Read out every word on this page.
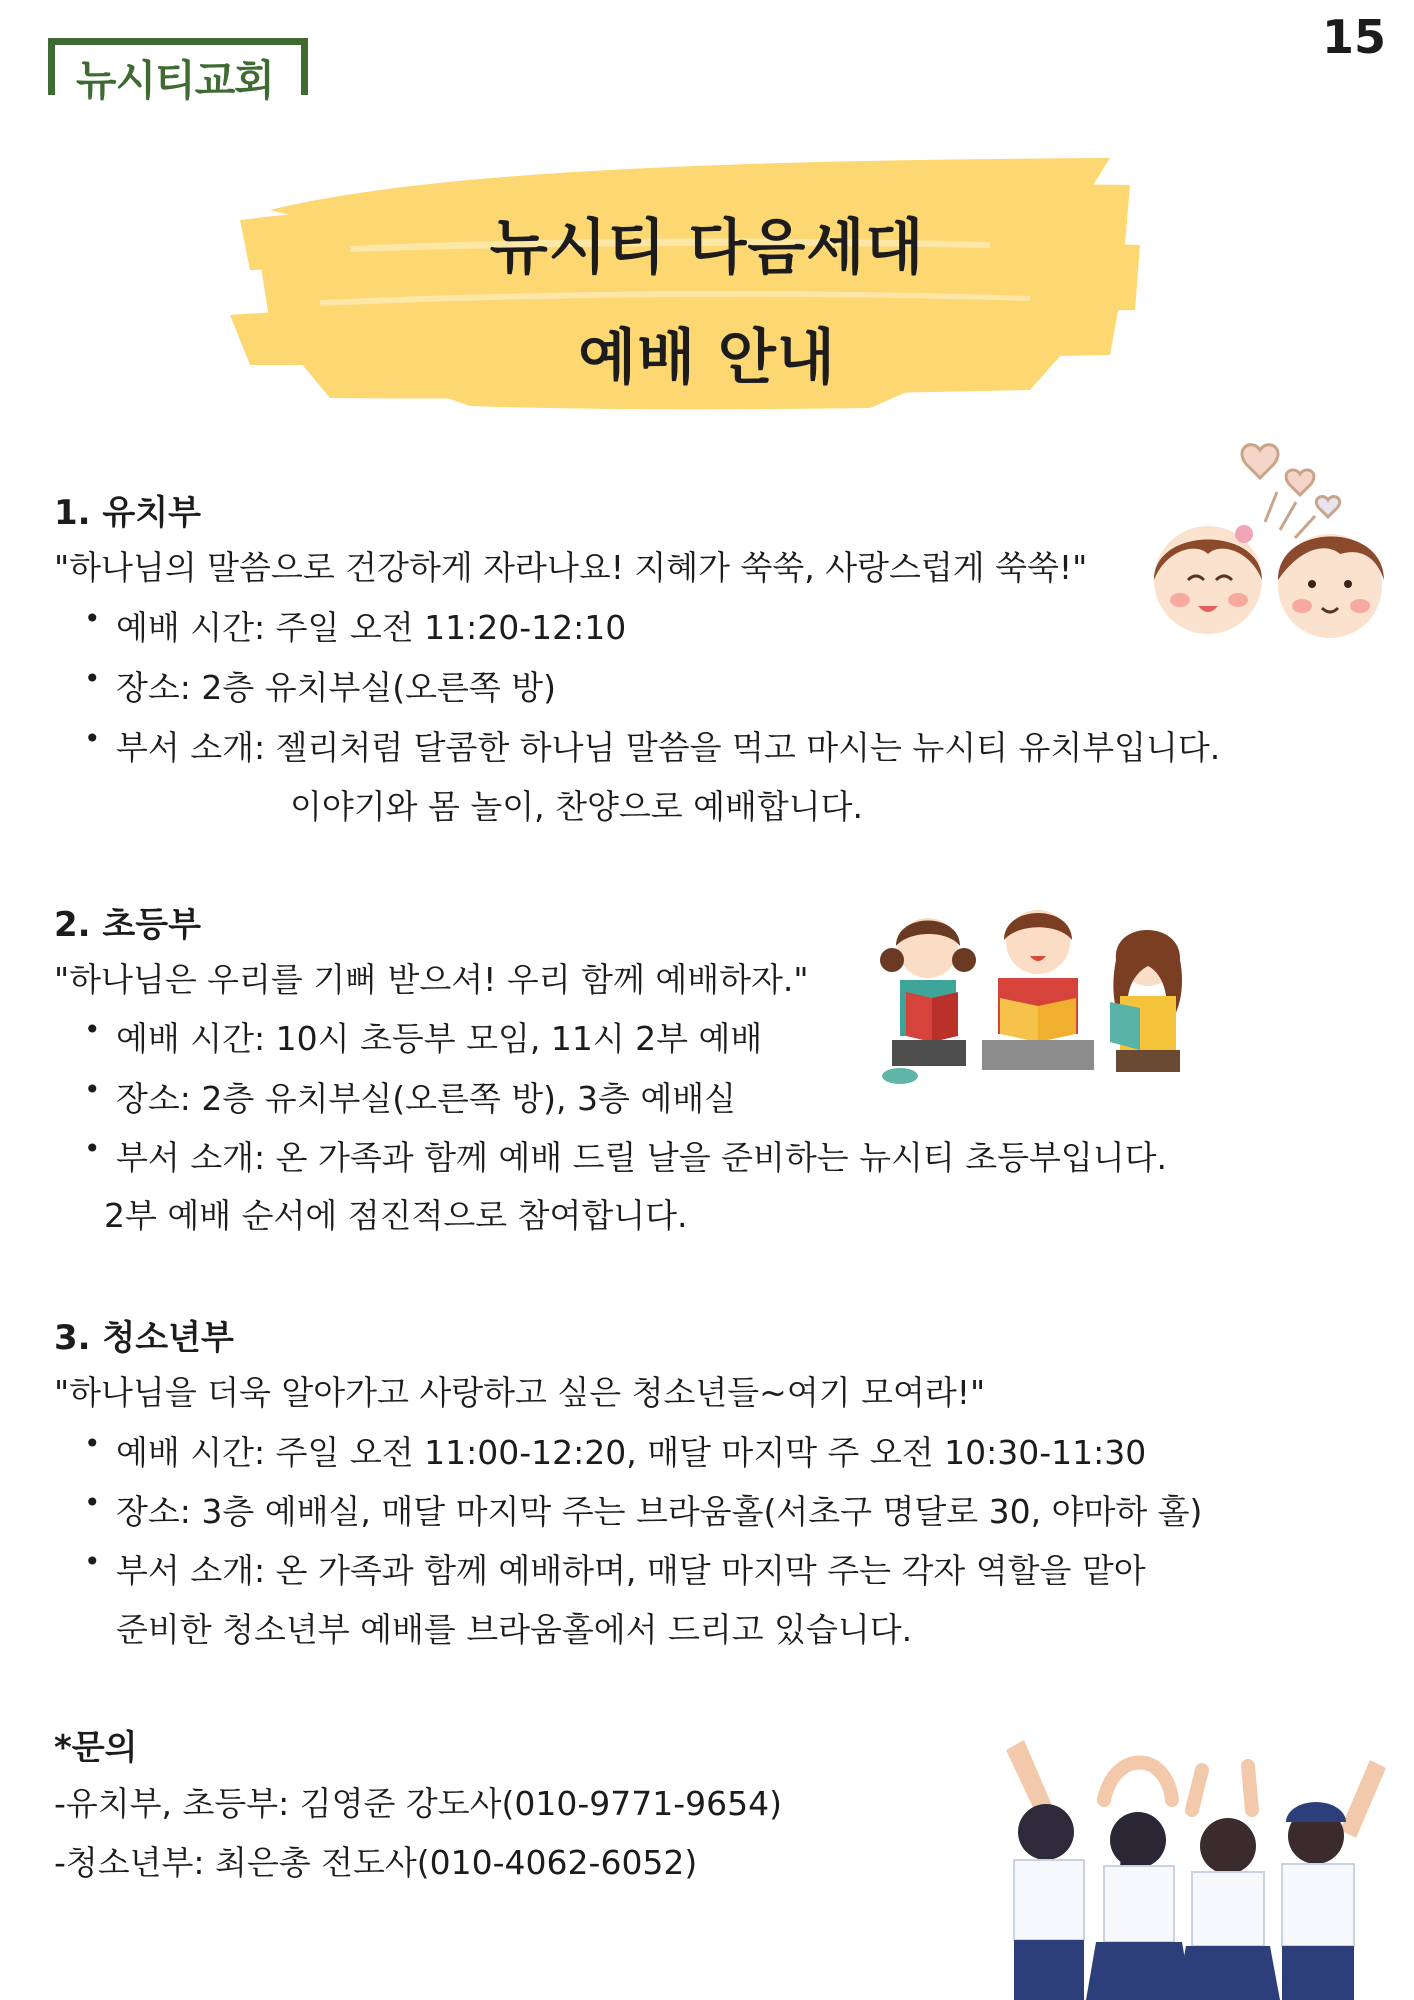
15
뉴시티교회
뉴시티 다음세대
예배 안내
1. 유치부
"하나님의 말씀으로 건강하게 자라나요! 지혜가 쑥쑥, 사랑스럽게 쑥쑥!"
• 예배 시간: 주일 오전 11:20-12:10
• 장소: 2층 유치부실(오른쪽 방)
• 부서 소개: 젤리처럼 달콤한 하나님 말씀을 먹고 마시는 뉴시티 유치부입니다.
이야기와 몸 놀이, 찬양으로 예배합니다.
2. 초등부
"하나님은 우리를 기뻐 받으셔! 우리 함께 예배하자."
• 예배 시간: 10시 초등부 모임, 11시 2부 예배
• 장소: 2층 유치부실(오른쪽 방), 3층 예배실
• 부서 소개: 온 가족과 함께 예배 드릴 날을 준비하는 뉴시티 초등부입니다.
2부 예배 순서에 점진적으로 참여합니다.
3. 청소년부
"하나님을 더욱 알아가고 사랑하고 싶은 청소년들~여기 모여라!"
• 예배 시간: 주일 오전 11:00-12:20, 매달 마지막 주 오전 10:30-11:30
• 장소: 3층 예배실, 매달 마지막 주는 브라움홀(서초구 명달로 30, 야마하 홀)
• 부서 소개: 온 가족과 함께 예배하며, 매달 마지막 주는 각자 역할을 맡아
준비한 청소년부 예배를 브라움홀에서 드리고 있습니다.
*문의
-유치부, 초등부: 김영준 강도사(010-9771-9654)
-청소년부: 최은총 전도사(010-4062-6052)
